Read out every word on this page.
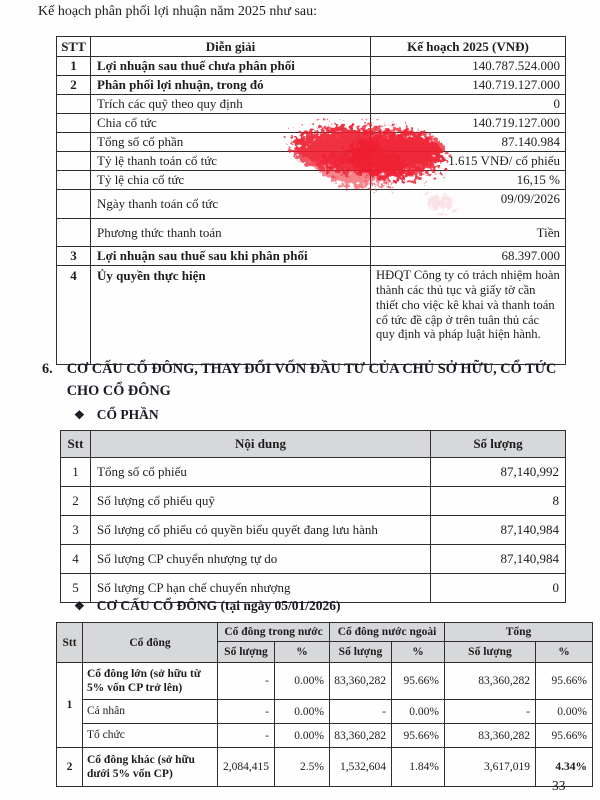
Kế hoạch phân phối lợi nhuận năm 2025 như sau:

STT	Diễn giải	Kế hoạch 2025 (VNĐ)
1	Lợi nhuận sau thuế chưa phân phối	140.787.524.000
2	Phân phối lợi nhuận, trong đó	140.719.127.000
	Trích các quỹ theo quy định	0
	Chia cổ tức	140.719.127.000
	Tổng số cổ phần	87.140.984
	Tỷ lệ thanh toán cổ tức	1.615 VNĐ/ cổ phiếu
	Tỷ lệ chia cổ tức	16,15 %
	Ngày thanh toán cổ tức	09/09/2026
	Phương thức thanh toán	Tiền
3	Lợi nhuận sau thuế sau khi phân phối	68.397.000
4	Ủy quyền thực hiện	HĐQT Công ty có trách nhiệm hoàn thành các thủ tục và giấy tờ cần thiết cho việc kê khai và thanh toán cổ tức đề cập ở trên tuân thủ các quy định và pháp luật hiện hành.
6. CƠ CẤU CỔ ĐÔNG, THAY ĐỔI VỐN ĐẦU TƯ CỦA CHỦ SỞ HỮU, CỔ TỨC CHO CỔ ĐÔNG
❖ CỔ PHẦN
Stt	Nội dung	Số lượng
1	Tổng số cổ phiếu	87,140,992
2	Số lượng cổ phiếu quỹ	8
3	Số lượng cổ phiếu có quyền biểu quyết đang lưu hành	87,140,984
4	Số lượng CP chuyển nhượng tự do	87,140,984
5	Số lượng CP hạn chế chuyển nhượng	0
❖ CƠ CẤU CỔ ĐÔNG (tại ngày 05/01/2026)
Stt	Cổ đông	Cổ đông trong nước		Cổ đông nước ngoài		Tổng	
		Số lượng	%	Số lượng	%	Số lượng	%
1	Cổ đông lớn (sở hữu từ 5% vốn CP trở lên)	-	0.00%	83,360,282	95.66%	83,360,282	95.66%
	Cá nhân	-	0.00%	-	0.00%	-	0.00%
	Tổ chức	-	0.00%	83,360,282	95.66%	83,360,282	95.66%
2	Cổ đông khác (sở hữu dưới 5% vốn CP)	2,084,415	2.5%	1,532,604	1.84%	3,617,019	4.34%
33
